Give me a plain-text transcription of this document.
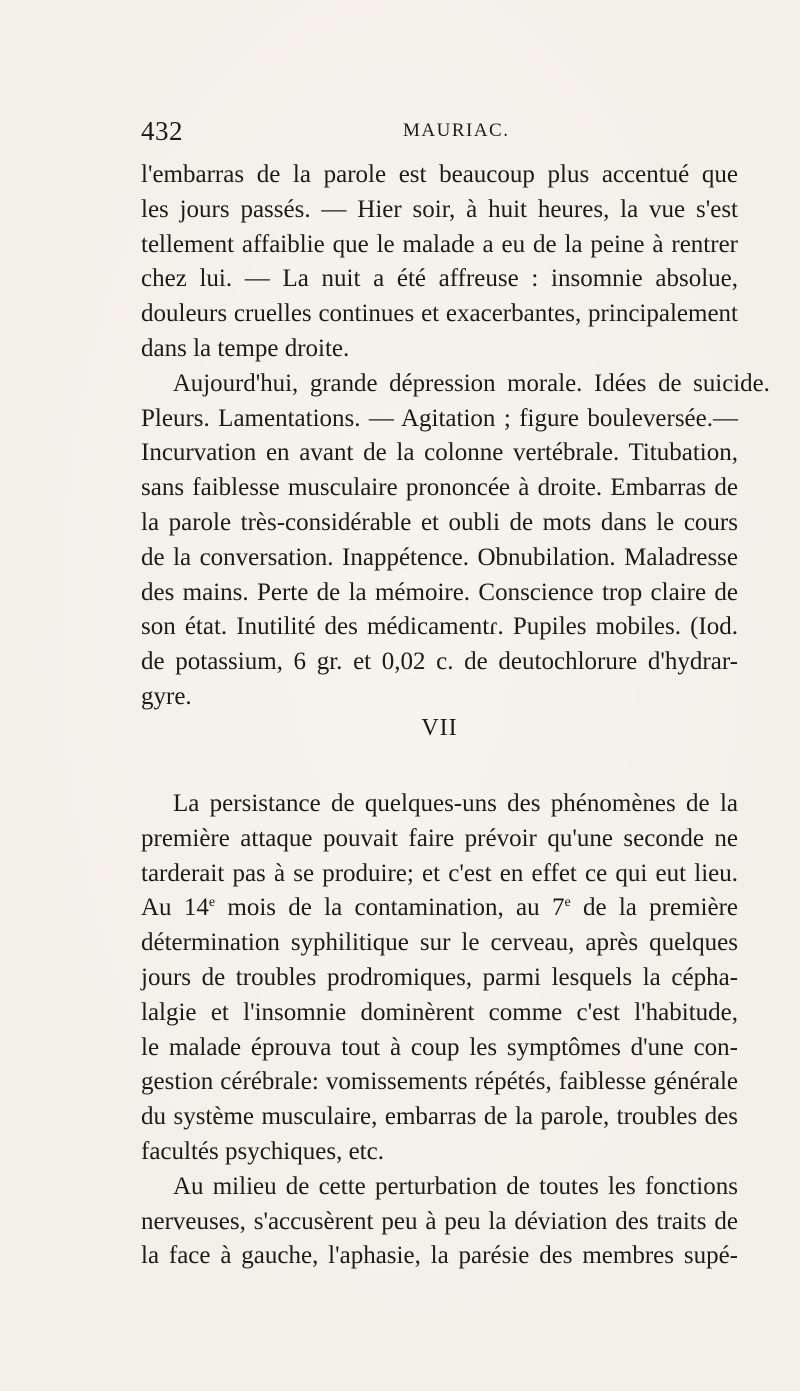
432	MAURIAC.
l'embarras de la parole est beaucoup plus accentué que
les jours passés. — Hier soir, à huit heures, la vue s'est
tellement affaiblie que le malade a eu de la peine à rentrer
chez lui. — La nuit a été affreuse : insomnie absolue,
douleurs cruelles continues et exacerbantes, principalement
dans la tempe droite.
Aujourd'hui, grande dépression morale. Idées de suicide.
Pleurs. Lamentations. — Agitation ; figure bouleversée.—
Incurvation en avant de la colonne vertébrale. Titubation,
sans faiblesse musculaire prononcée à droite. Embarras de
la parole très-considérable et oubli de mots dans le cours
de la conversation. Inappétence. Obnubilation. Maladresse
des mains. Perte de la mémoire. Conscience trop claire de
son état. Inutilité des médicamentɾ. Pupiles mobiles. (Iod.
de potassium, 6 gr. et 0,02 c. de deutochlorure d'hydrar-
gyre.
VII
La persistance de quelques-uns des phénomènes de la
première attaque pouvait faire prévoir qu'une seconde ne
tarderait pas à se produire; et c'est en effet ce qui eut lieu.
Au 14e mois de la contamination, au 7e de la première
détermination syphilitique sur le cerveau, après quelques
jours de troubles prodromiques, parmi lesquels la cépha-
lalgie et l'insomnie dominèrent comme c'est l'habitude,
le malade éprouva tout à coup les symptômes d'une con-
gestion cérébrale: vomissements répétés, faiblesse générale
du système musculaire, embarras de la parole, troubles des
facultés psychiques, etc.
Au milieu de cette perturbation de toutes les fonctions
nerveuses, s'accusèrent peu à peu la déviation des traits de
la face à gauche, l'aphasie, la parésie des membres supé-
